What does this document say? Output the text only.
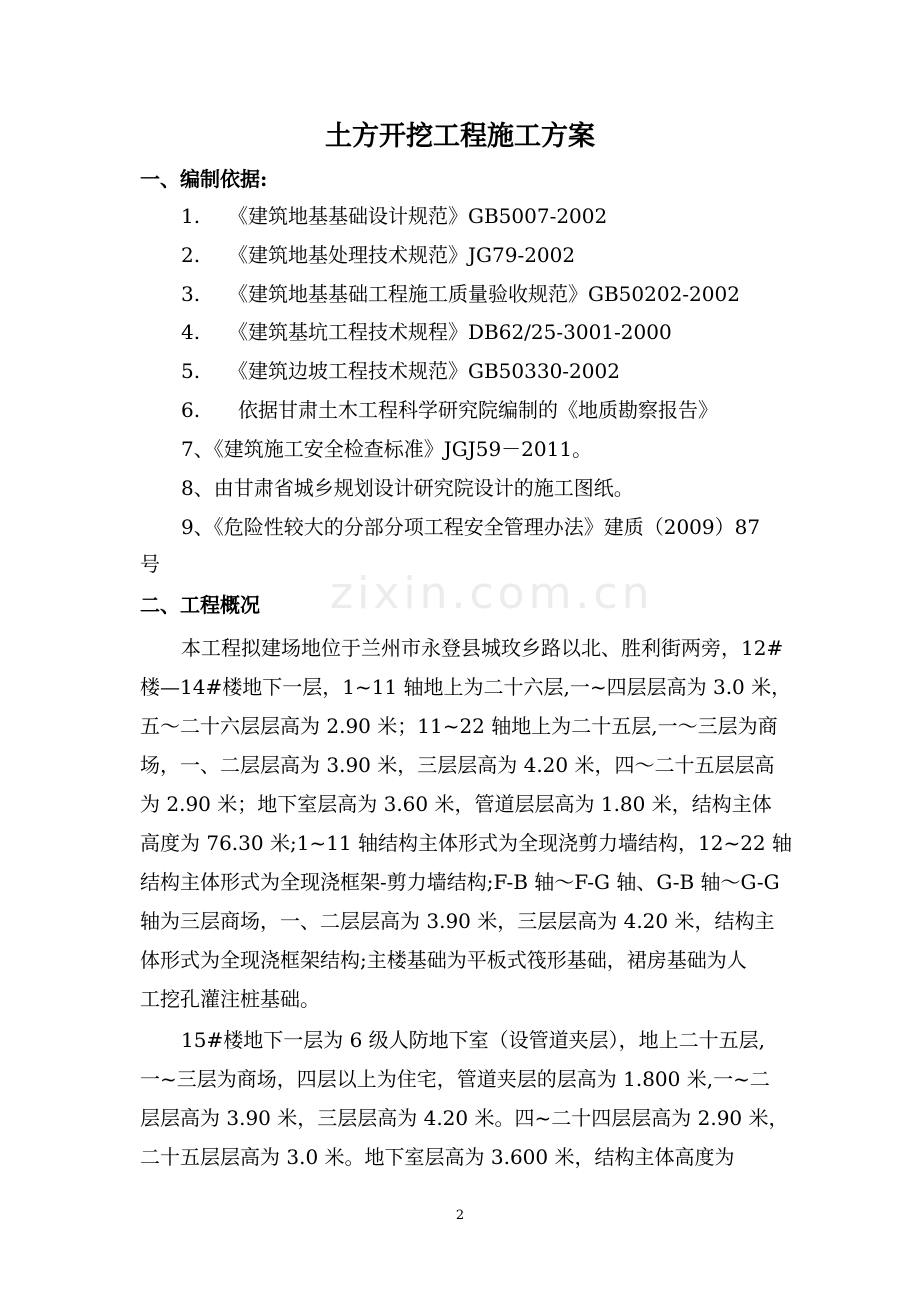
zixin.com.cn
土方开挖工程施工方案
一、编制依据:
1. 《建筑地基基础设计规范》GB5007-2002
2. 《建筑地基处理技术规范》JG79-2002
3. 《建筑地基基础工程施工质量验收规范》GB50202-2002
4. 《建筑基坑工程技术规程》DB62/25-3001-2000
5. 《建筑边坡工程技术规范》GB50330-2002
6. 依据甘肃土木工程科学研究院编制的《地质勘察报告》
7、《建筑施工安全检查标准》JGJ59－2011。
8、由甘肃省城乡规划设计研究院设计的施工图纸。
9、《危险性较大的分部分项工程安全管理办法》建质（2009）87
号
二、工程概况
本工程拟建场地位于兰州市永登县城玫乡路以北、胜利街两旁，12#
楼—14#楼地下一层，1~11 轴地上为二十六层,一~四层层高为 3.0 米，
五～二十六层层高为 2.90 米；11~22 轴地上为二十五层,一～三层为商
场，一、二层层高为 3.90 米，三层层高为 4.20 米，四～二十五层层高
为 2.90 米；地下室层高为 3.60 米，管道层层高为 1.80 米，结构主体
高度为 76.30 米;1~11 轴结构主体形式为全现浇剪力墙结构，12~22 轴
结构主体形式为全现浇框架-剪力墙结构;F-B 轴～F-G 轴、G-B 轴～G-G
轴为三层商场，一、二层层高为 3.90 米，三层层高为 4.20 米，结构主
体形式为全现浇框架结构;主楼基础为平板式筏形基础，裙房基础为人
工挖孔灌注桩基础。
15#楼地下一层为 6 级人防地下室（设管道夹层），地上二十五层,
一~三层为商场，四层以上为住宅，管道夹层的层高为 1.800 米,一~二
层层高为 3.90 米，三层层高为 4.20 米。四~二十四层层高为 2.90 米，
二十五层层高为 3.0 米。地下室层高为 3.600 米，结构主体高度为
2
